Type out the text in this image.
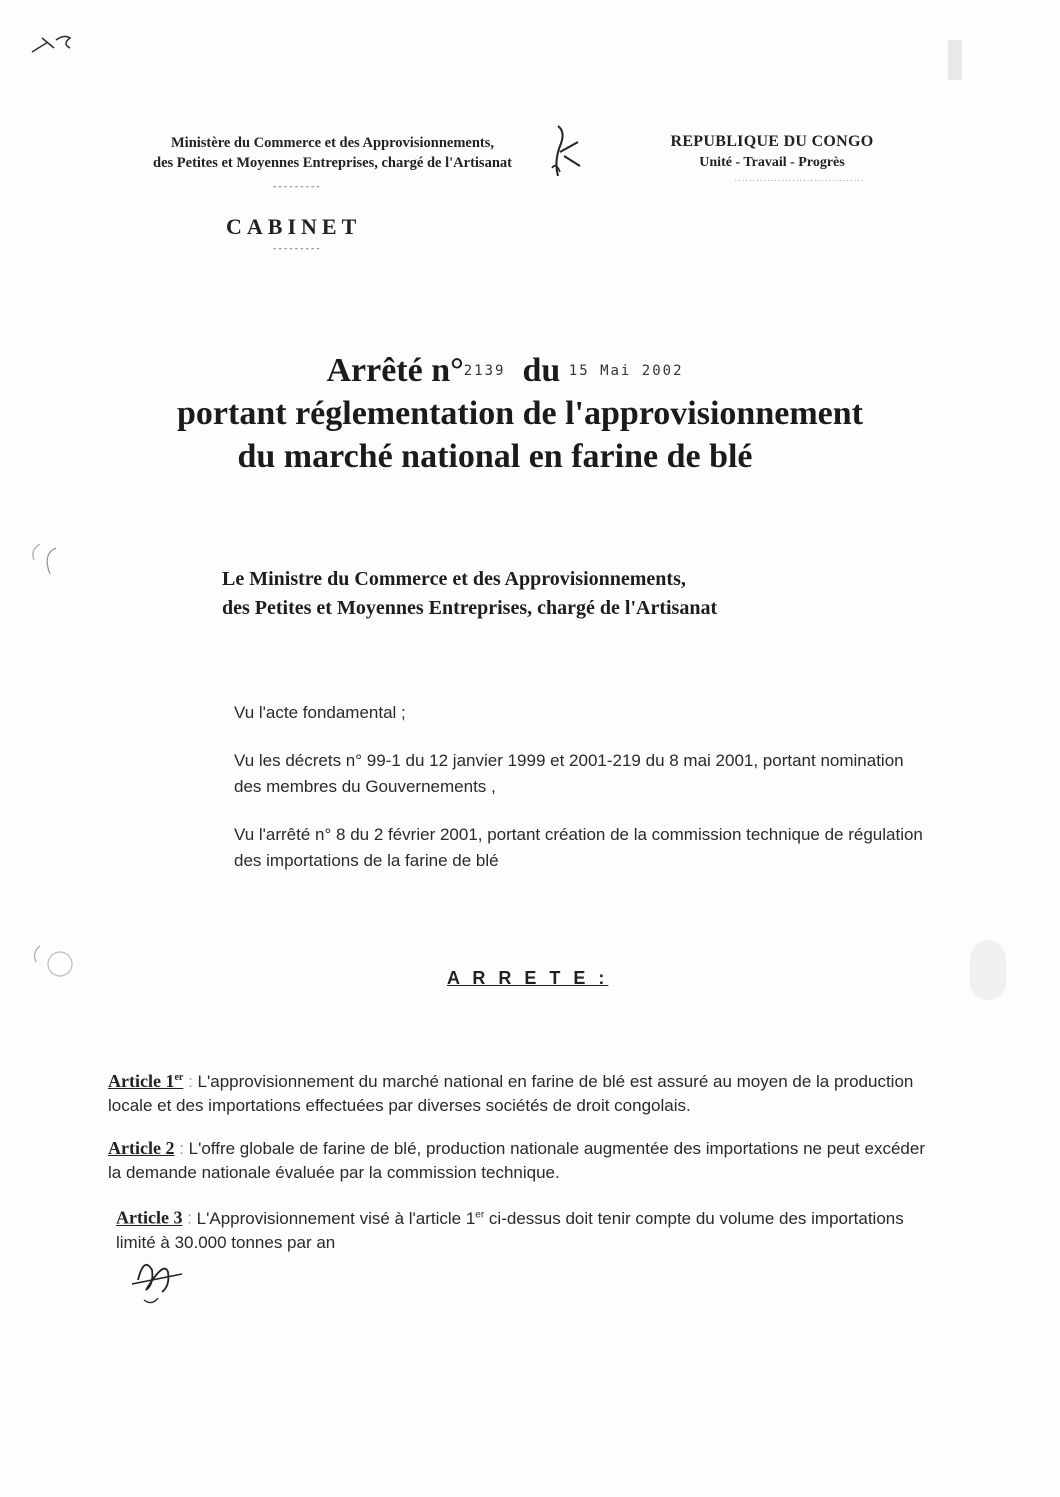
Ministère du Commerce et des Approvisionnements,
des Petites et Moyennes Entreprises, chargé de l'Artisanat
---------
REPUBLIQUE DU CONGO
Unité - Travail - Progrès
....................................
CABINET
---------
Arrêté n°2139 du 15 Mai 2002
portant réglementation de l'approvisionnement
du marché national en farine de blé
Le Ministre du Commerce et des Approvisionnements,
des Petites et Moyennes Entreprises, chargé de l'Artisanat

Vu l'acte fondamental ;

Vu les décrets n° 99-1 du 12 janvier 1999 et 2001-219 du 8 mai 2001, portant nomination des membres du Gouvernements ,

Vu l'arrêté n° 8 du 2 février 2001, portant création de la commission technique de régulation des importations de la farine de blé

A R R E T E :
Article 1er : L'approvisionnement du marché national en farine de blé est assuré au moyen de la production locale et des importations effectuées par diverses sociétés de droit congolais.
Article 2 : L'offre globale de farine de blé, production nationale augmentée des importations ne peut excéder la demande nationale évaluée par la commission technique.
Article 3 : L'Approvisionnement visé à l'article 1er ci-dessus doit tenir compte du volume des importations limité à 30.000 tonnes par an
